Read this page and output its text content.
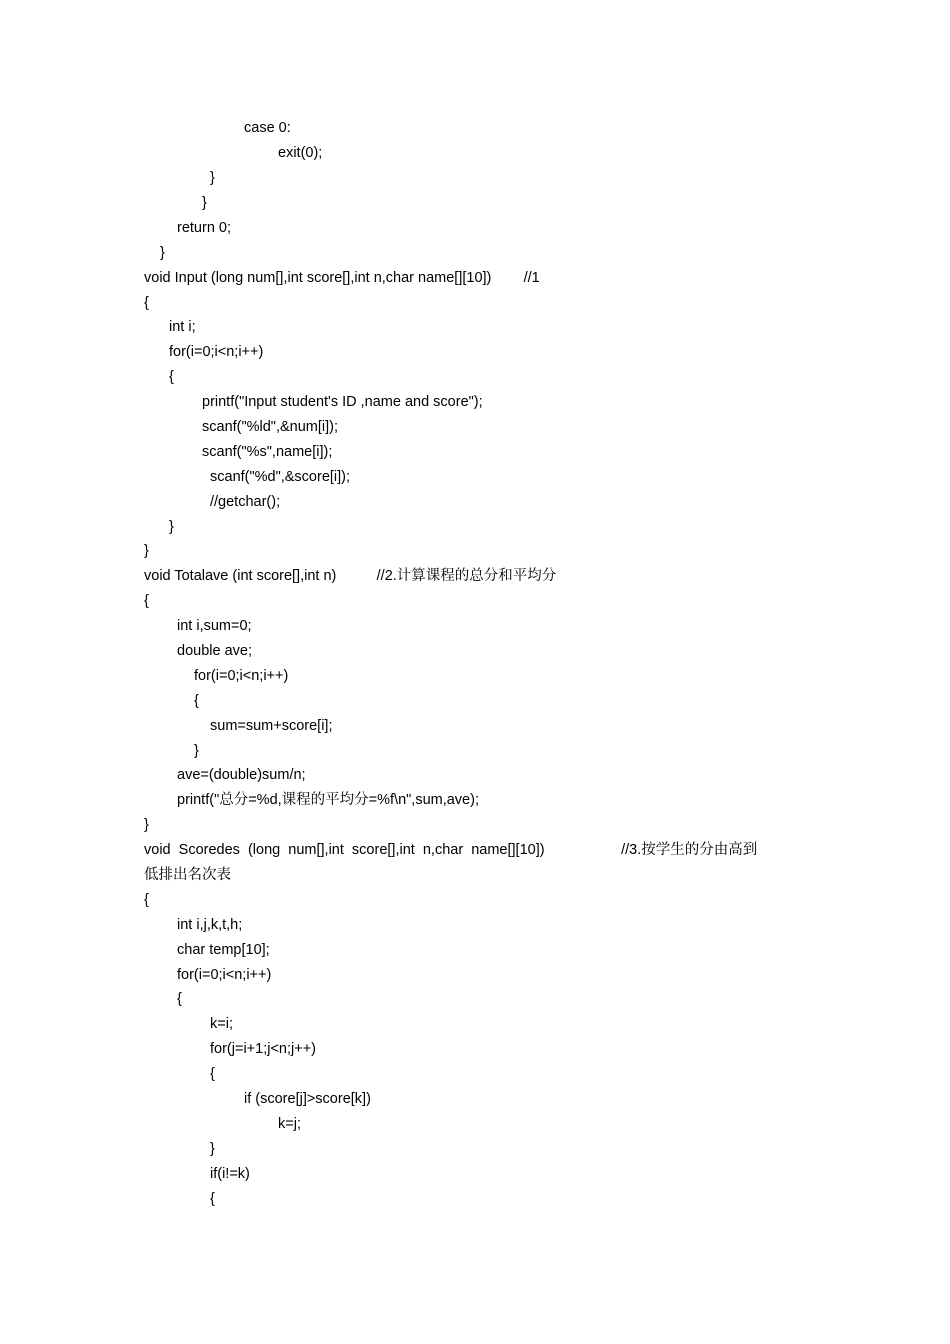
case 0:
exit(0);
}
}
return 0;
}
void Input (long num[],int score[],int n,char name[][10])        //1
{
int i;
for(i=0;i<n;i++)
{
printf("Input student's ID ,name and score");
scanf("%ld",&num[i]);
scanf("%s",name[i]);
scanf("%d",&score[i]);
//getchar();
}
}
void Totalave (int score[],int n)          //2.计算课程的总分和平均分
{
int i,sum=0;
double ave;
for(i=0;i<n;i++)
{
sum=sum+score[i];
}
ave=(double)sum/n;
printf("总分=%d,课程的平均分=%f\n",sum,ave);
}
void  Scoredes  (long  num[],int  score[],int  n,char  name[][10])                   //3.按学生的分由高到
低排出名次表
{
int i,j,k,t,h;
char temp[10];
for(i=0;i<n;i++)
{
k=i;
for(j=i+1;j<n;j++)
{
if (score[j]>score[k])
k=j;
}
if(i!=k)
{
